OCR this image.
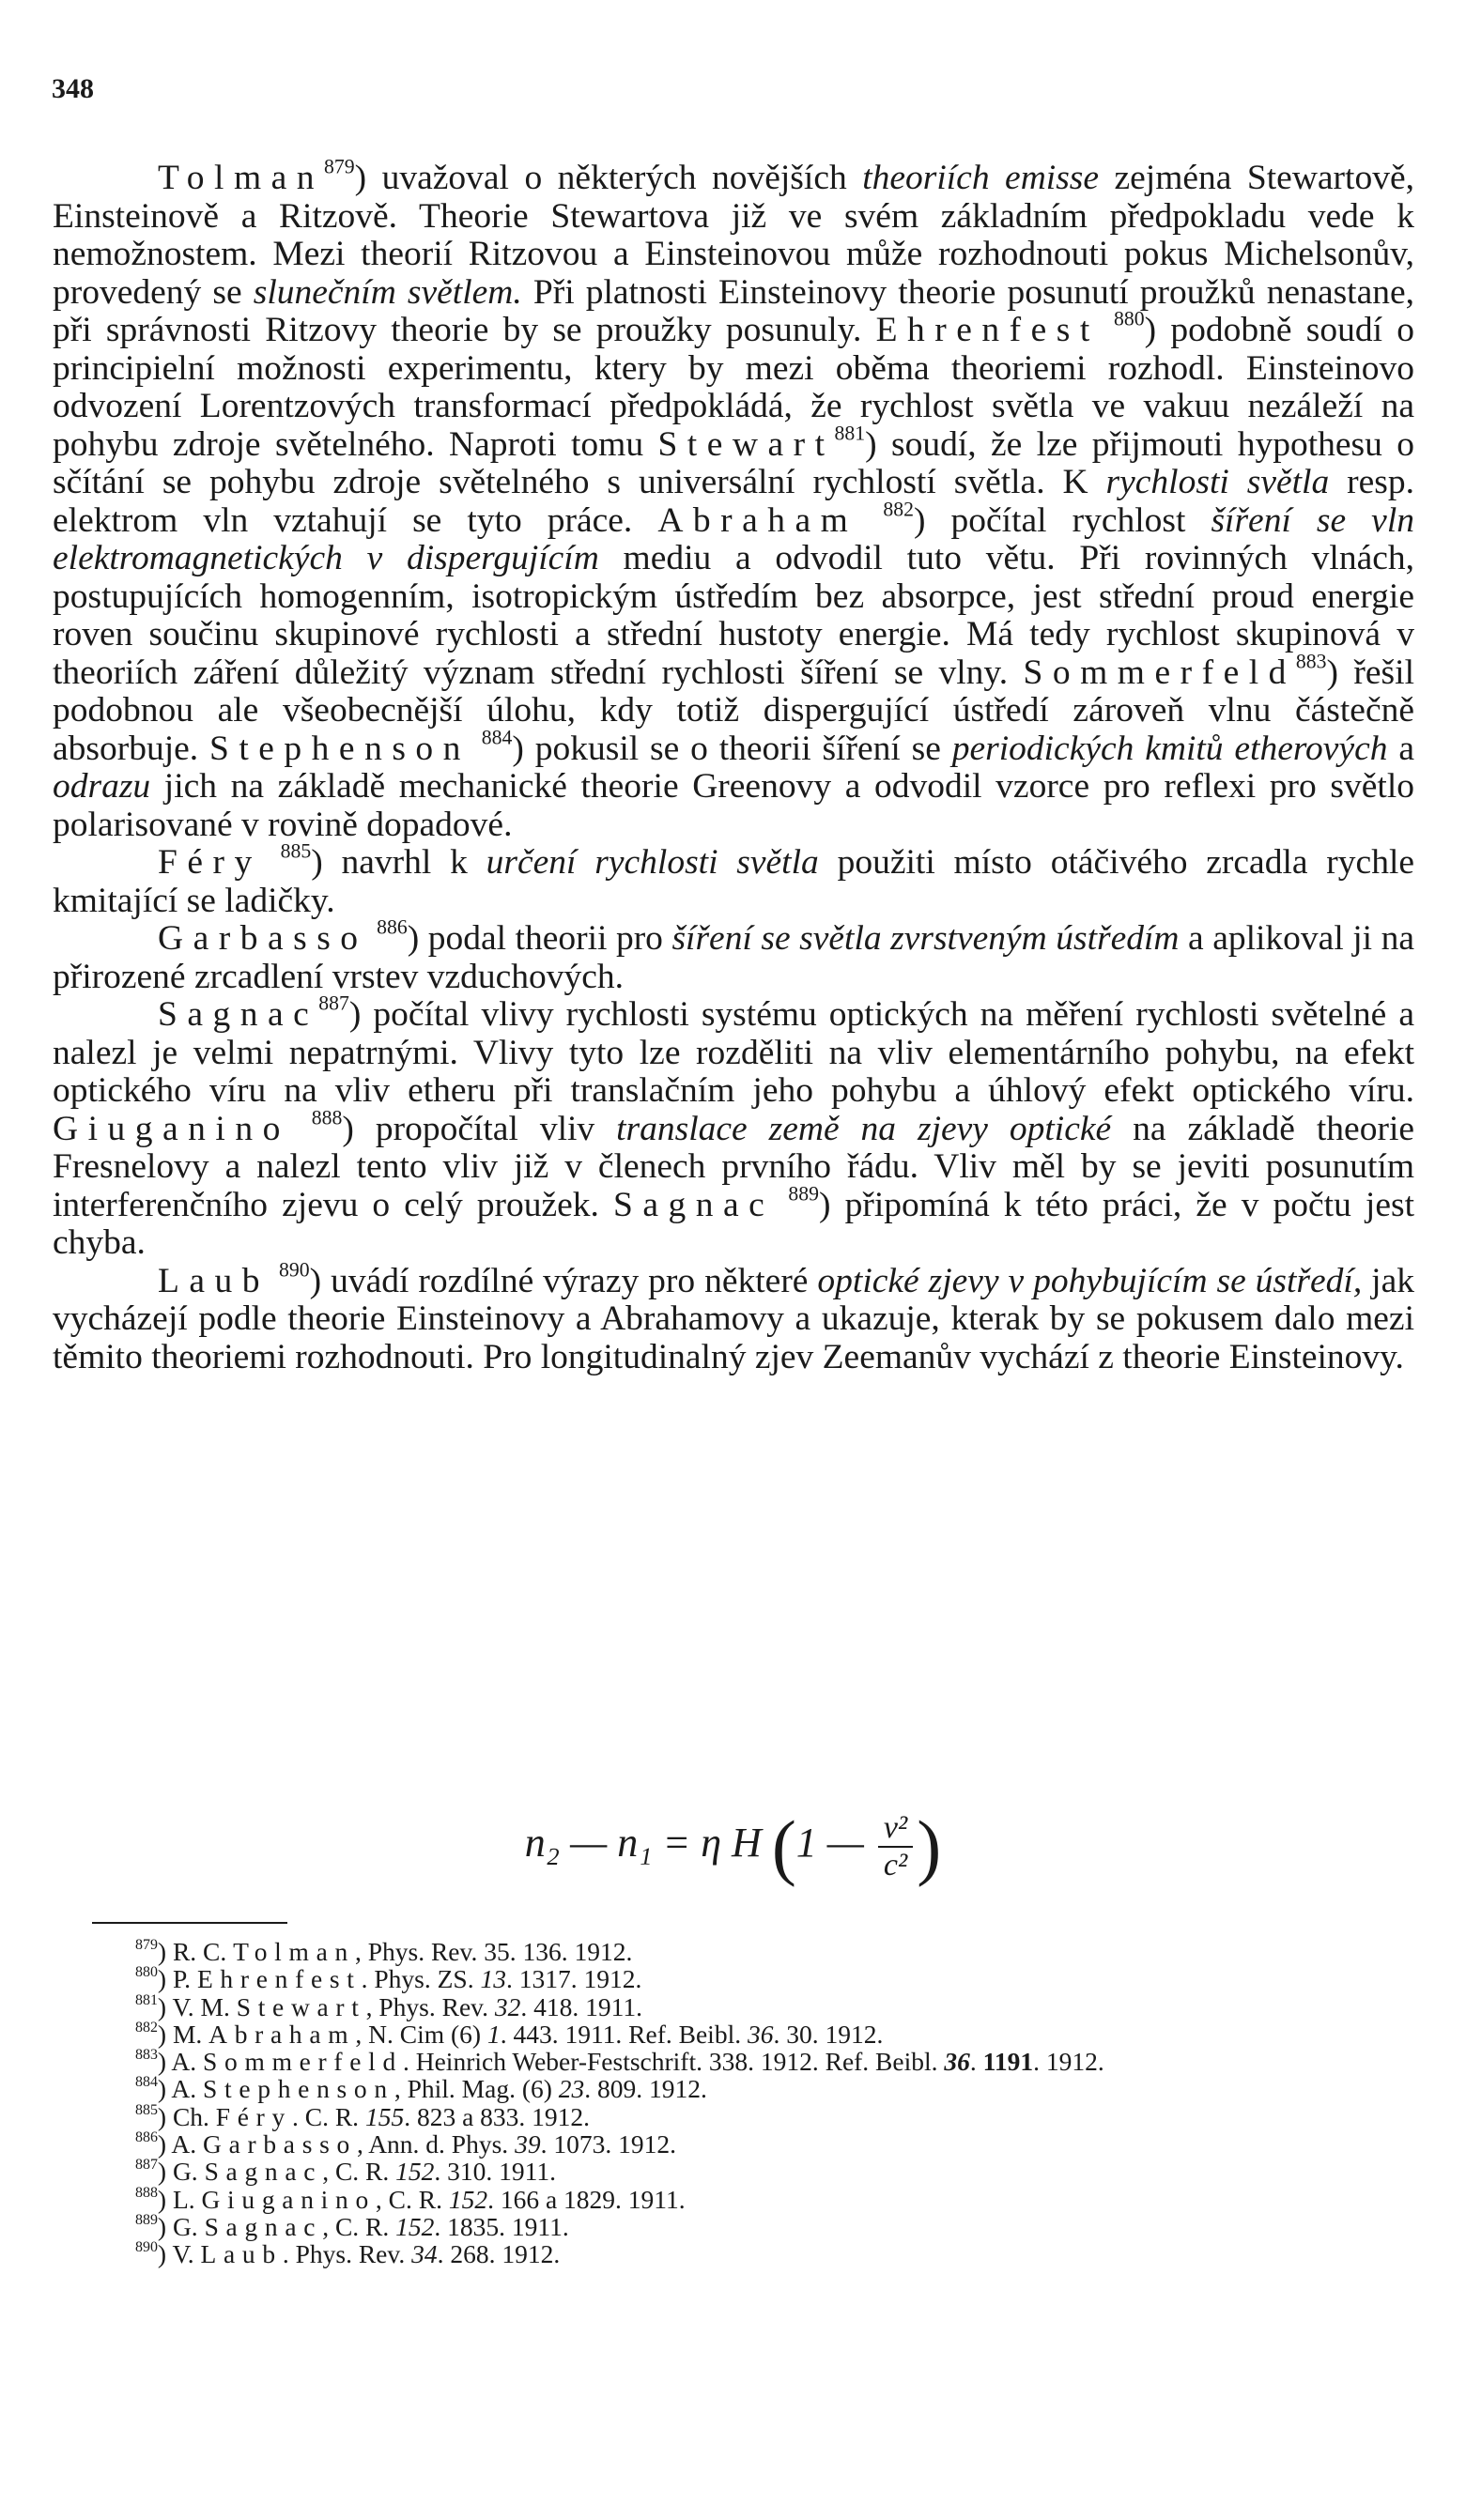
348

Tolman$^{879}$) uvažoval o některých novějších theoriích emisse zejména Stewartově, Einsteinově a Ritzově. Theorie Stewartova již ve svém základním předpokladu vede k nemožnostem. Mezi theorií Ritzovou a Einsteinovou může rozhodnouti pokus Michelsonův, provedený se slunečním světlem. Při platnosti Einsteinovy theorie posunutí proužků nenastane, při správnosti Ritzovy theorie by se proužky posunuly. Ehrenfest $^{880}$) podobně soudí o principielní možnosti experimentu, ktery by mezi oběma theoriemi rozhodl. Einsteinovo odvození Lorentzových transformací předpokládá, že rychlost světla ve vakuu nezáleží na pohybu zdroje světelného. Naproti tomu Stewart$^{881}$) soudí, že lze přijmouti hypothesu o sčítání se pohybu zdroje světelného s universální rychlostí světla. K rychlosti světla resp. elektrom vln vztahují se tyto práce. Abraham $^{882}$) počítal rychlost šíření se vln elektromagnetických v dispergujícím mediu a odvodil tuto větu. Při rovinných vlnách, postupujících homogenním, isotropickým ústředím bez absorpce, jest střední proud energie roven součinu skupinové rychlosti a střední hustoty energie. Má tedy rychlost skupinová v theoriích záření důležitý význam střední rychlosti šíření se vlny. Sommerfeld$^{883}$) řešil podobnou ale všeobecnější úlohu, kdy totiž dispergující ústředí zároveň vlnu částečně absorbuje. Stephenson $^{884}$) pokusil se o theorii šíření se periodických kmitů etherových a odrazu jich na základě mechanické theorie Greenovy a odvodil vzorce pro reflexi pro světlo polarisované v rovině dopadové.

Féry $^{885}$) navrhl k určení rychlosti světla použiti místo otáčivého zrcadla rychle kmitající se ladičky.

Garbasso $^{886}$) podal theorii pro šíření se světla zvrstveným ústředím a aplikoval ji na přirozené zrcadlení vrstev vzduchových.

Sagnac$^{887}$) počítal vlivy rychlosti systému optických na měření rychlosti světelné a nalezl je velmi nepatrnými. Vlivy tyto lze rozděliti na vliv elementárního pohybu, na efekt optického víru na vliv etheru při translačním jeho pohybu a úhlový efekt optického víru. Giuganino $^{888}$) propočítal vliv translace země na zjevy optické na základě theorie Fresnelovy a nalezl tento vliv již v členech prvního řádu. Vliv měl by se jeviti posunutím interferenčního zjevu o celý proužek. Sagnac $^{889}$) připomíná k této práci, že v počtu jest chyba.

Laub $^{890}$) uvádí rozdílné výrazy pro některé optické zjevy v pohybujícím se ústředí, jak vycházejí podle theorie Einsteinovy a Abrahamovy a ukazuje, kterak by se pokusem dalo mezi těmito theoriemi rozhodnouti. Pro longitudinalný zjev Zeemanův vychází z theorie Einsteinovy.

n₂ — n₁ = η H (1 — $\frac{\text{v²}}{\text{c²}}$ )

$^{879}$) R. C. Tolman, Phys. Rev. 35. 136. 1912.

$^{880}$) P. Ehrenfest. Phys. ZS. 13. 1317. 1912.

$^{881}$) V. M. Stewart, Phys. Rev. 32. 418. 1911.

$^{882}$) M. Abraham, N. Cim (6) 1. 443. 1911. Ref. Beibl. 36. 30. 1912.

$^{883}$) A. Sommerfeld. Heinrich Weber-Festschrift. 338. 1912. Ref. Beibl. 36. 1191. 1912.

$^{884}$) A. Stephenson, Phil. Mag. (6) 23. 809. 1912.

$^{885}$) Ch. Féry. C. R. 155. 823 a 833. 1912.

$^{886}$) A. Garbasso, Ann. d. Phys. 39. 1073. 1912.

$^{887}$) G. Sagnac, C. R. 152. 310. 1911.

$^{888}$) L. Giuganino, C. R. 152. 166 a 1829. 1911.

$^{889}$) G. Sagnac, C. R. 152. 1835. 1911.

$^{890}$) V. Laub. Phys. Rev. 34. 268. 1912.
